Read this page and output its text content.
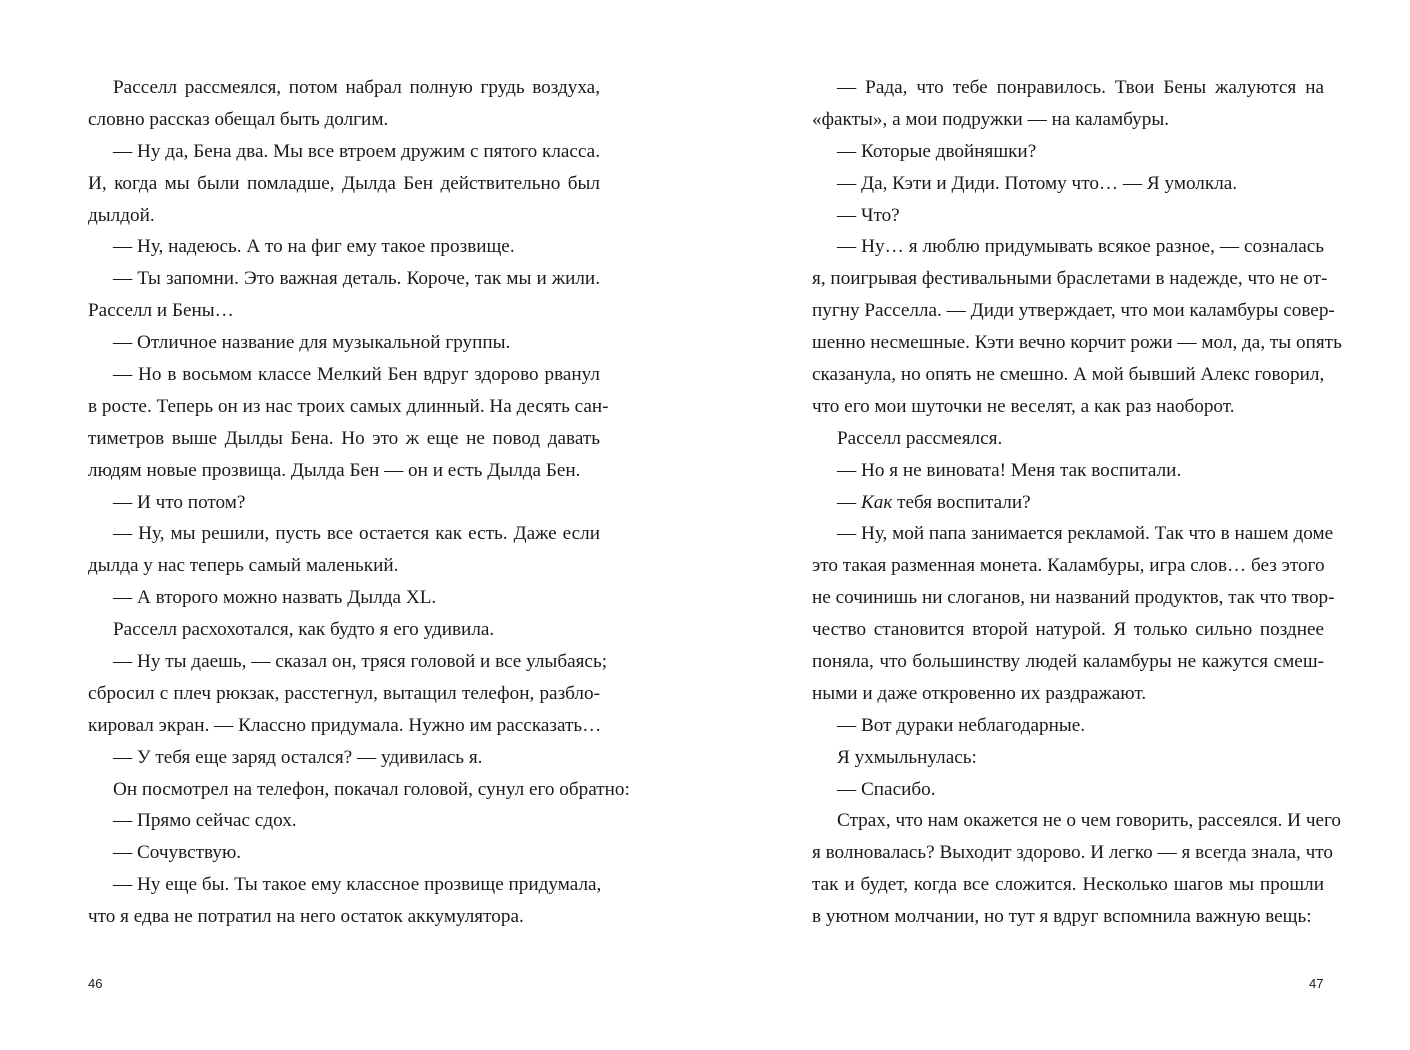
Расселл рассмеялся, потом набрал полную грудь воздуха,
словно рассказ обещал быть долгим.
— Ну да, Бена два. Мы все втроем дружим с пятого класса.
И, когда мы были помладше, Дылда Бен действительно был
дылдой.
— Ну, надеюсь. А то на фиг ему такое прозвище.
— Ты запомни. Это важная деталь. Короче, так мы и жили.
Расселл и Бены…
— Отличное название для музыкальной группы.
— Но в восьмом классе Мелкий Бен вдруг здорово рванул
в росте. Теперь он из нас троих самых длинный. На десять сан-
тиметров выше Дылды Бена. Но это ж еще не повод давать
людям новые прозвища. Дылда Бен — он и есть Дылда Бен.
— И что потом?
— Ну, мы решили, пусть все остается как есть. Даже если
дылда у нас теперь самый маленький.
— А второго можно назвать Дылда XL.
Расселл расхохотался, как будто я его удивила.
— Ну ты даешь, — сказал он, тряся головой и все улыбаясь;
сбросил с плеч рюкзак, расстегнул, вытащил телефон, разбло-
кировал экран. — Классно придумала. Нужно им рассказать…
— У тебя еще заряд остался? — удивилась я.
Он посмотрел на телефон, покачал головой, сунул его обратно:
— Прямо сейчас сдох.
— Сочувствую.
— Ну еще бы. Ты такое ему классное прозвище придумала,
что я едва не потратил на него остаток аккумулятора.
46
— Рада, что тебе понравилось. Твои Бены жалуются на
«факты», а мои подружки — на каламбуры.
— Которые двойняшки?
— Да, Кэти и Диди. Потому что… — Я умолкла.
— Что?
— Ну… я люблю придумывать всякое разное, — созналась
я, поигрывая фестивальными браслетами в надежде, что не от-
пугну Расселла. — Диди утверждает, что мои каламбуры совер-
шенно несмешные. Кэти вечно корчит рожи — мол, да, ты опять
сказанула, но опять не смешно. А мой бывший Алекс говорил,
что его мои шуточки не веселят, а как раз наоборот.
Расселл рассмеялся.
— Но я не виновата! Меня так воспитали.
— Как тебя воспитали?
— Ну, мой папа занимается рекламой. Так что в нашем доме
это такая разменная монета. Каламбуры, игра слов… без этого
не сочинишь ни слоганов, ни названий продуктов, так что твор-
чество становится второй натурой. Я только сильно позднее
поняла, что большинству людей каламбуры не кажутся смеш-
ными и даже откровенно их раздражают.
— Вот дураки неблагодарные.
Я ухмыльнулась:
— Спасибо.
Страх, что нам окажется не о чем говорить, рассеялся. И чего
я волновалась? Выходит здорово. И легко — я всегда знала, что
так и будет, когда все сложится. Несколько шагов мы прошли
в уютном молчании, но тут я вдруг вспомнила важную вещь:
47
